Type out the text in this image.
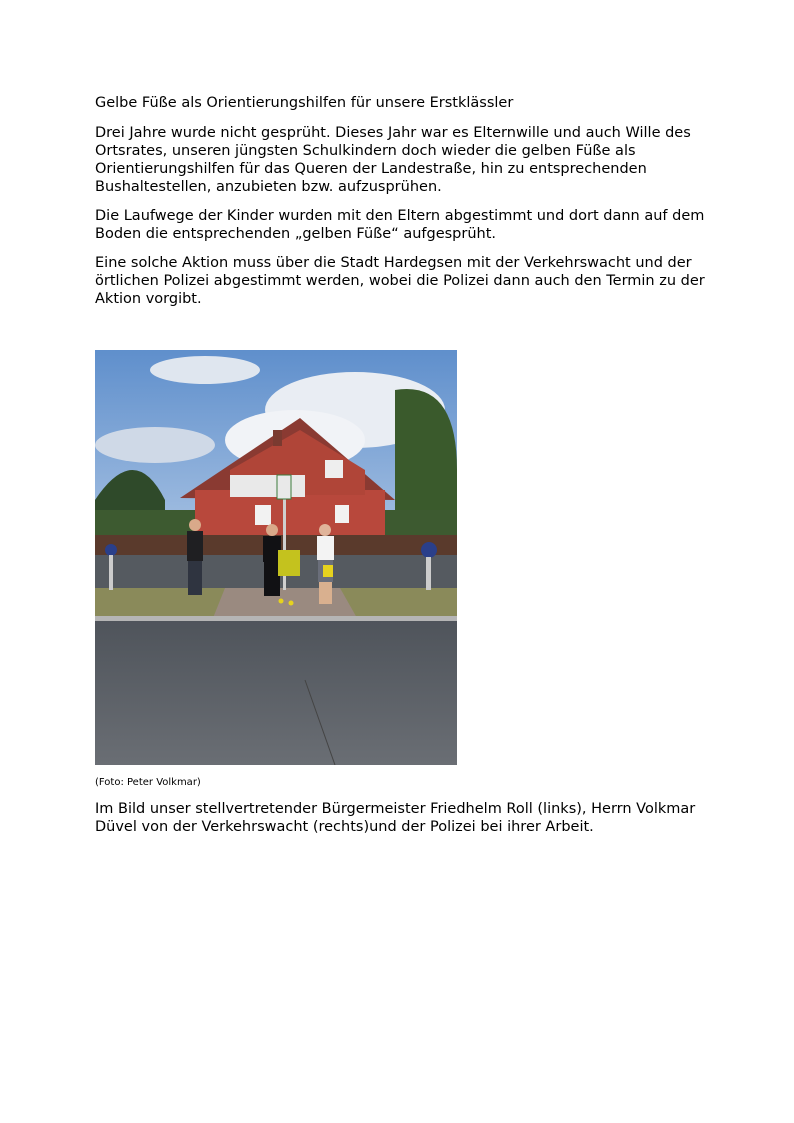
Gelbe Füße als Orientierungshilfen für unsere Erstklässler

Drei Jahre wurde nicht gesprüht. Dieses Jahr war es Elternwille und auch Wille des Ortsrates, unseren jüngsten Schulkindern doch wieder die gelben Füße als Orientierungshilfen für das Queren der Landestraße, hin zu entsprechenden Bushaltestellen, anzubieten bzw. aufzusprühen.

Die Laufwege der Kinder wurden mit den Eltern abgestimmt und dort dann auf dem Boden die entsprechenden „gelben Füße“ aufgesprüht.

Eine solche Aktion muss über die Stadt Hardegsen mit der Verkehrswacht und der örtlichen Polizei abgestimmt werden, wobei die Polizei dann auch den Termin zu der Aktion vorgibt.

(Foto: Peter Volkmar)

Im Bild unser stellvertretender Bürgermeister Friedhelm Roll (links), Herrn Volkmar Düvel von der Verkehrswacht (rechts)und der Polizei bei ihrer Arbeit.
